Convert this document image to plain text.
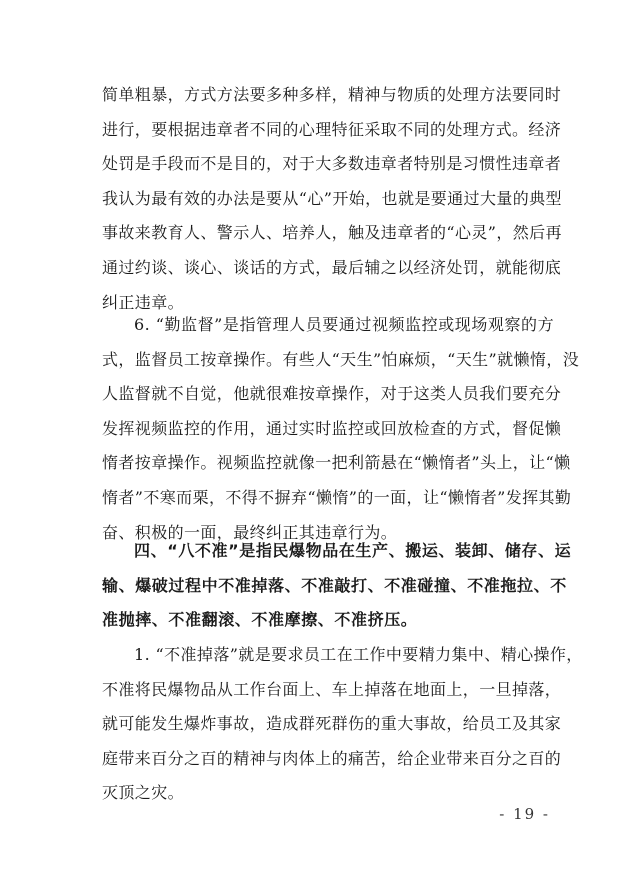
简单粗暴，方式方法要多种多样，精神与物质的处理方法要同时
进行，要根据违章者不同的心理特征采取不同的处理方式。经济
处罚是手段而不是目的，对于大多数违章者特别是习惯性违章者
我认为最有效的办法是要从“心”开始，也就是要通过大量的典型
事故来教育人、警示人、培养人，触及违章者的“心灵”，然后再
通过约谈、谈心、谈话的方式，最后辅之以经济处罚，就能彻底
纠正违章。
6. “勤监督”是指管理人员要通过视频监控或现场观察的方
式，监督员工按章操作。有些人“天生”怕麻烦，“天生”就懒惰，没
人监督就不自觉，他就很难按章操作，对于这类人员我们要充分
发挥视频监控的作用，通过实时监控或回放检查的方式，督促懒
惰者按章操作。视频监控就像一把利箭悬在“懒惰者”头上，让“懒
惰者”不寒而栗，不得不摒弃“懒惰”的一面，让“懒惰者”发挥其勤
奋、积极的一面，最终纠正其违章行为。
四、“八不准”是指民爆物品在生产、搬运、装卸、储存、运
输、爆破过程中不准掉落、不准敲打、不准碰撞、不准拖拉、不
准抛摔、不准翻滚、不准摩擦、不准挤压。
1. “不准掉落”就是要求员工在工作中要精力集中、精心操作，
不准将民爆物品从工作台面上、车上掉落在地面上，一旦掉落，
就可能发生爆炸事故，造成群死群伤的重大事故，给员工及其家
庭带来百分之百的精神与肉体上的痛苦，给企业带来百分之百的
灭顶之灾。
- 19 -
